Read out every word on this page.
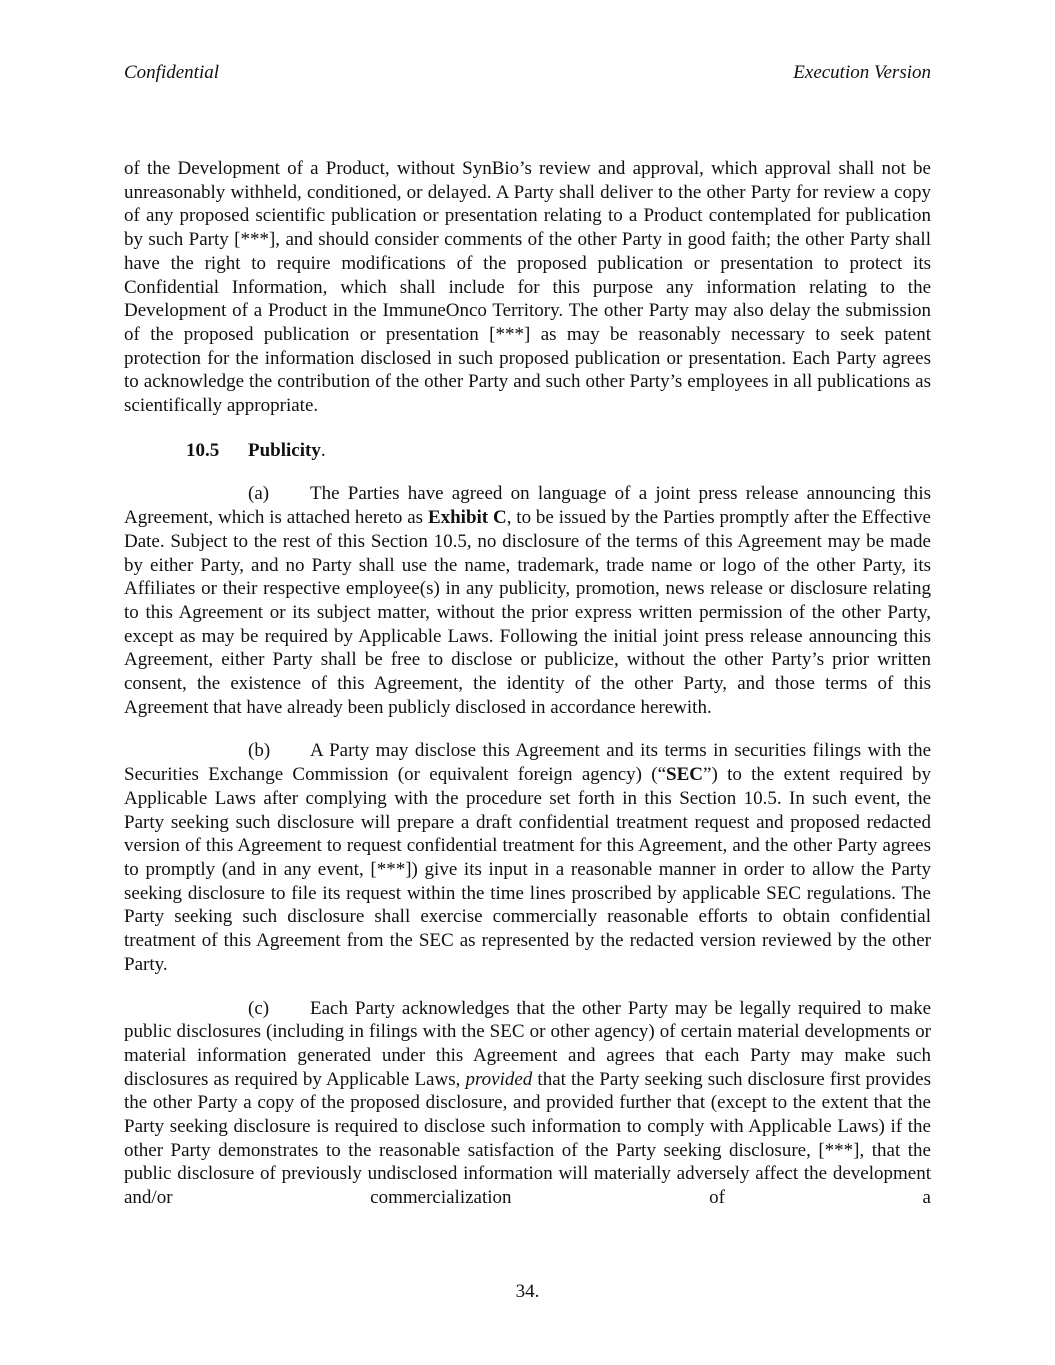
Confidential	Execution Version

of the Development of a Product, without SynBio’s review and approval, which approval shall not be unreasonably withheld, conditioned, or delayed. A Party shall deliver to the other Party for review a copy of any proposed scientific publication or presentation relating to a Product contemplated for publication by such Party [***], and should consider comments of the other Party in good faith; the other Party shall have the right to require modifications of the proposed publication or presentation to protect its Confidential Information, which shall include for this purpose any information relating to the Development of a Product in the ImmuneOnco Territory. The other Party may also delay the submission of the proposed publication or presentation [***] as may be reasonably necessary to seek patent protection for the information disclosed in such proposed publication or presentation. Each Party agrees to acknowledge the contribution of the other Party and such other Party’s employees in all publications as scientifically appropriate.

10.5 Publicity.

(a) The Parties have agreed on language of a joint press release announcing this Agreement, which is attached hereto as Exhibit C, to be issued by the Parties promptly after the Effective Date. Subject to the rest of this Section 10.5, no disclosure of the terms of this Agreement may be made by either Party, and no Party shall use the name, trademark, trade name or logo of the other Party, its Affiliates or their respective employee(s) in any publicity, promotion, news release or disclosure relating to this Agreement or its subject matter, without the prior express written permission of the other Party, except as may be required by Applicable Laws. Following the initial joint press release announcing this Agreement, either Party shall be free to disclose or publicize, without the other Party’s prior written consent, the existence of this Agreement, the identity of the other Party, and those terms of this Agreement that have already been publicly disclosed in accordance herewith.

(b) A Party may disclose this Agreement and its terms in securities filings with the Securities Exchange Commission (or equivalent foreign agency) (“SEC”) to the extent required by Applicable Laws after complying with the procedure set forth in this Section 10.5. In such event, the Party seeking such disclosure will prepare a draft confidential treatment request and proposed redacted version of this Agreement to request confidential treatment for this Agreement, and the other Party agrees to promptly (and in any event, [***]) give its input in a reasonable manner in order to allow the Party seeking disclosure to file its request within the time lines proscribed by applicable SEC regulations. The Party seeking such disclosure shall exercise commercially reasonable efforts to obtain confidential treatment of this Agreement from the SEC as represented by the redacted version reviewed by the other Party.

(c) Each Party acknowledges that the other Party may be legally required to make public disclosures (including in filings with the SEC or other agency) of certain material developments or material information generated under this Agreement and agrees that each Party may make such disclosures as required by Applicable Laws, provided that the Party seeking such disclosure first provides the other Party a copy of the proposed disclosure, and provided further that (except to the extent that the Party seeking disclosure is required to disclose such information to comply with Applicable Laws) if the other Party demonstrates to the reasonable satisfaction of the Party seeking disclosure, [***], that the public disclosure of previously undisclosed information will materially adversely affect the development and/or commercialization of a

34.
